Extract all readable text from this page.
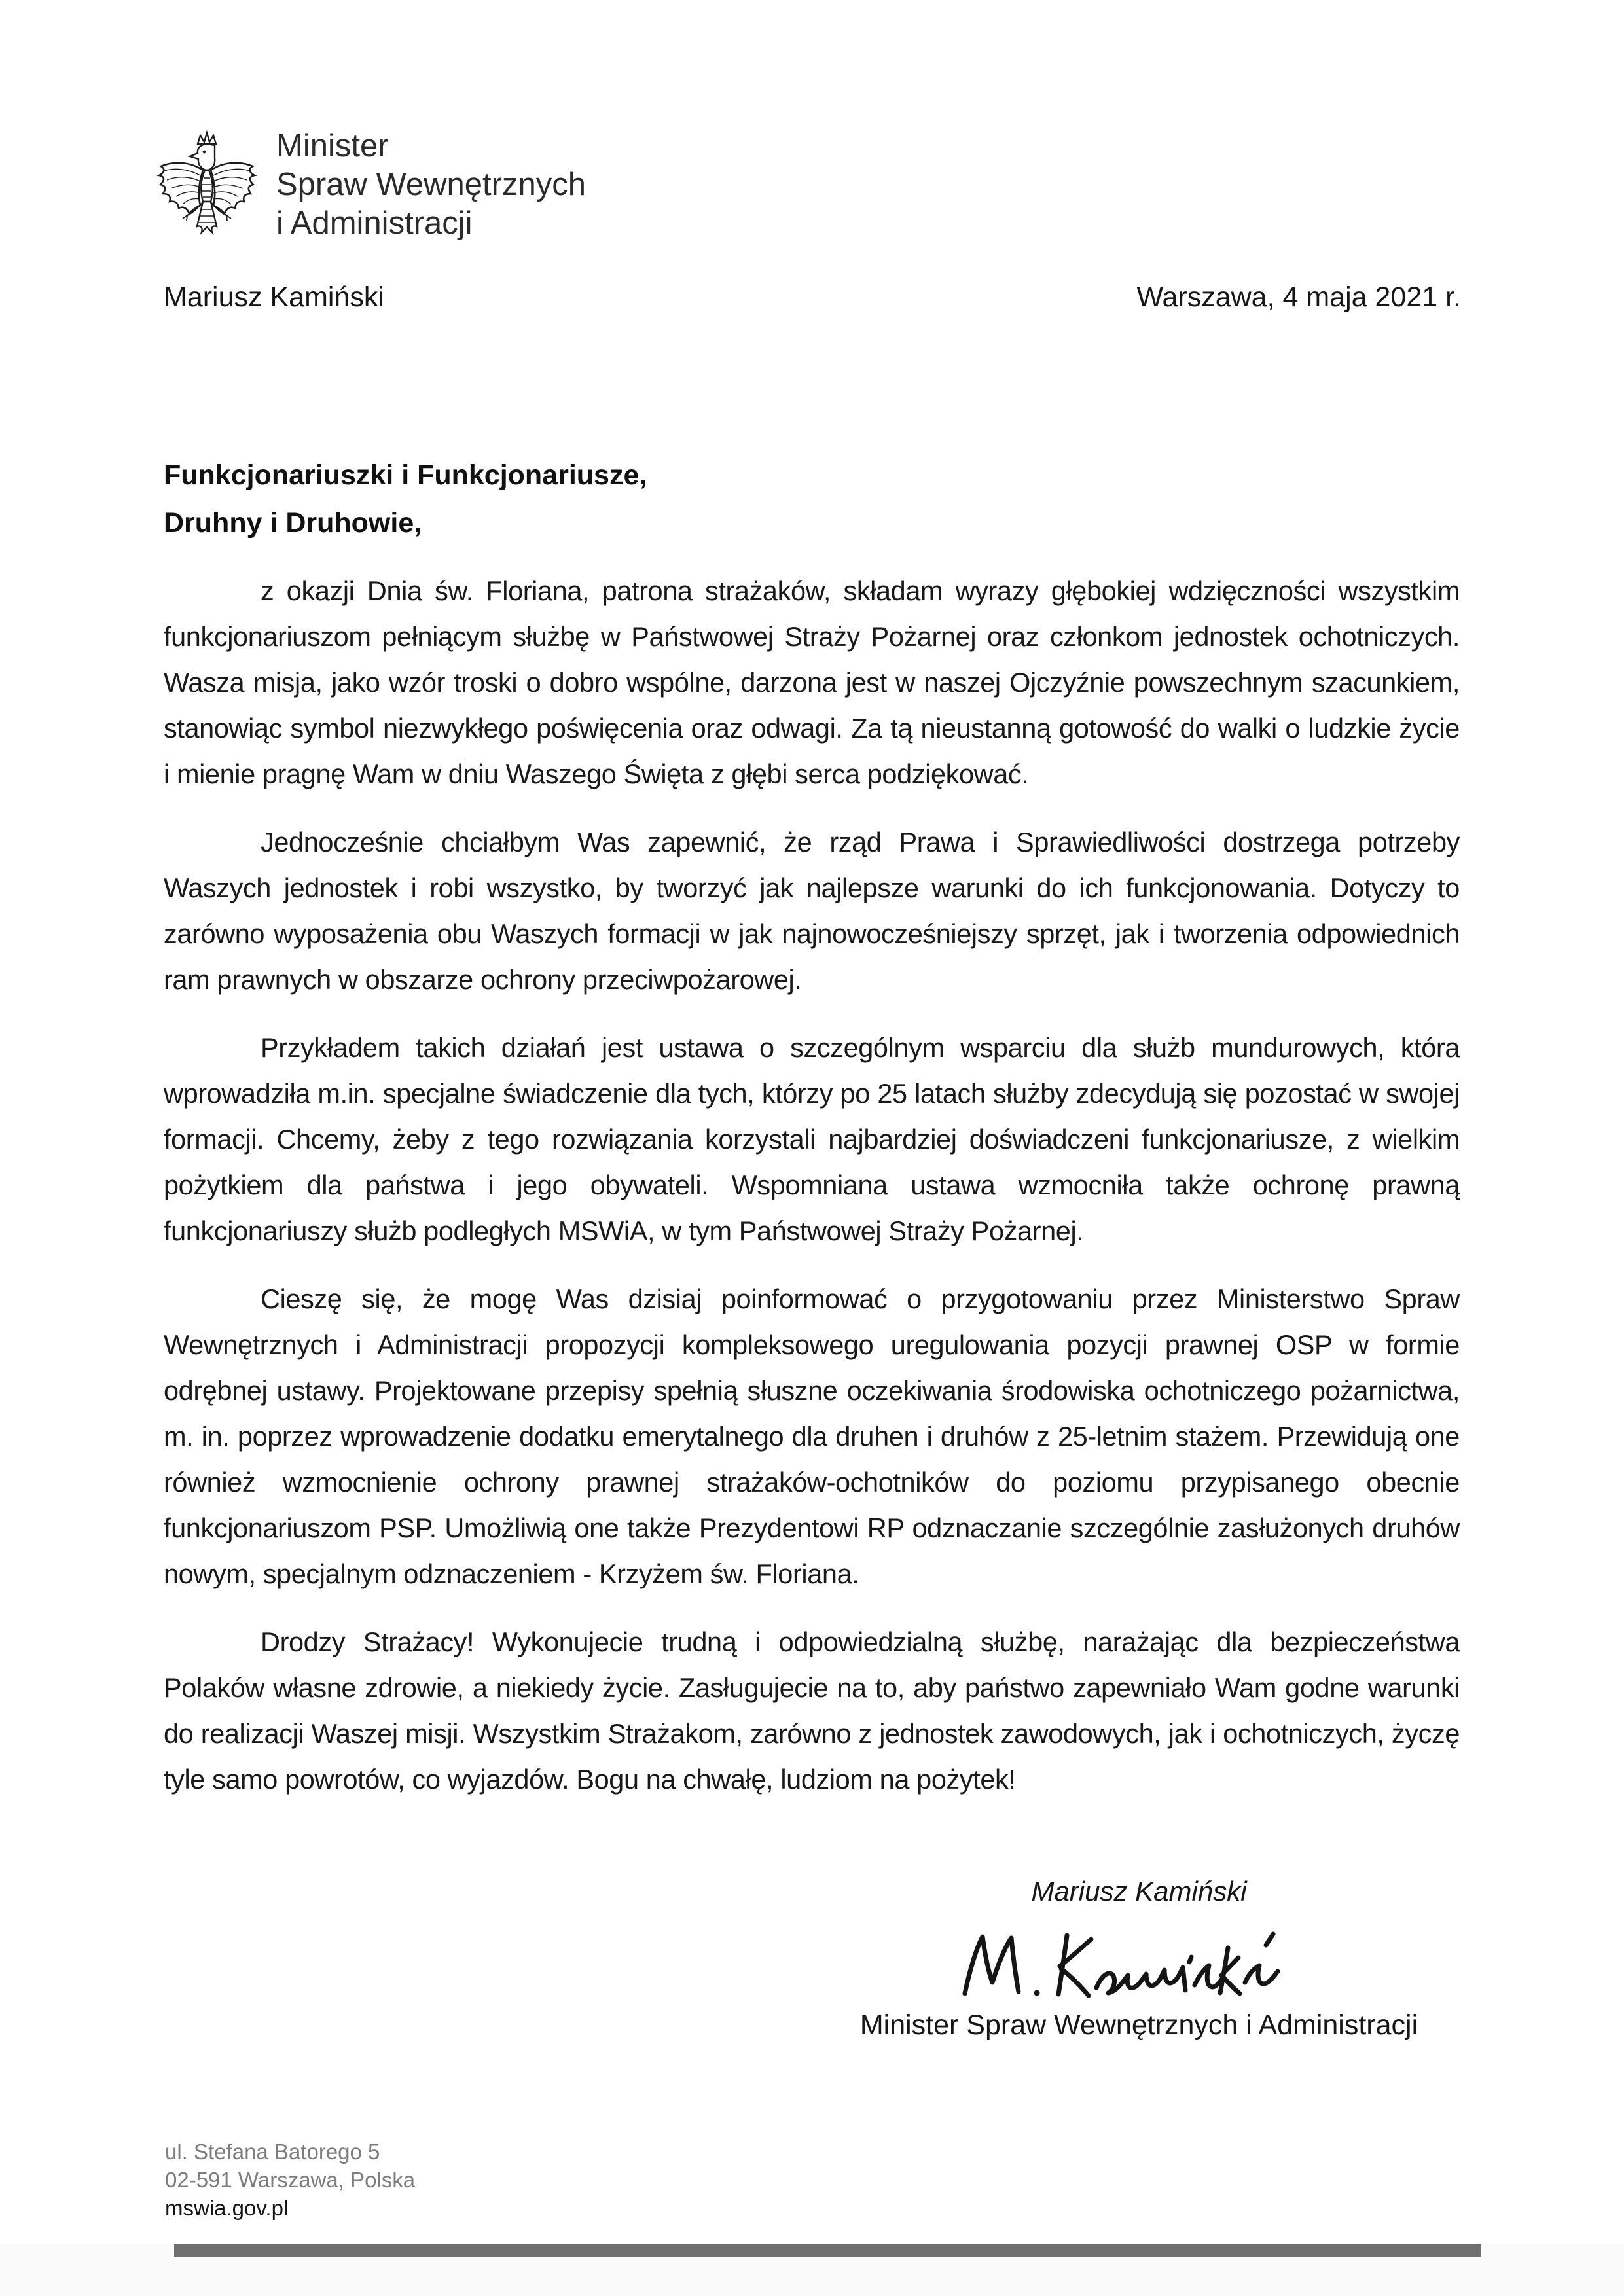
Minister
Spraw Wewnętrznych
i Administracji
Mariusz Kamiński	Warszawa, 4 maja 2021 r.
Funkcjonariuszki i Funkcjonariusze,
Druhny i Druhowie,

z okazji Dnia św. Floriana, patrona strażaków, składam wyrazy głębokiej wdzięczności wszystkim funkcjonariuszom pełniącym służbę w Państwowej Straży Pożarnej oraz członkom jednostek ochotniczych. Wasza misja, jako wzór troski o dobro wspólne, darzona jest w naszej Ojczyźnie powszechnym szacunkiem, stanowiąc symbol niezwykłego poświęcenia oraz odwagi. Za tą nieustanną gotowość do walki o ludzkie życie i mienie pragnę Wam w dniu Waszego Święta z głębi serca podziękować.

Jednocześnie chciałbym Was zapewnić, że rząd Prawa i Sprawiedliwości dostrzega potrzeby Waszych jednostek i robi wszystko, by tworzyć jak najlepsze warunki do ich funkcjonowania. Dotyczy to zarówno wyposażenia obu Waszych formacji w jak najnowocześniejszy sprzęt, jak i tworzenia odpowiednich ram prawnych w obszarze ochrony przeciwpożarowej.

Przykładem takich działań jest ustawa o szczególnym wsparciu dla służb mundurowych, która wprowadziła m.in. specjalne świadczenie dla tych, którzy po 25 latach służby zdecydują się pozostać w swojej formacji. Chcemy, żeby z tego rozwiązania korzystali najbardziej doświadczeni funkcjonariusze, z wielkim pożytkiem dla państwa i jego obywateli. Wspomniana ustawa wzmocniła także ochronę prawną funkcjonariuszy służb podległych MSWiA, w tym Państwowej Straży Pożarnej.

Cieszę się, że mogę Was dzisiaj poinformować o przygotowaniu przez Ministerstwo Spraw Wewnętrznych i Administracji propozycji kompleksowego uregulowania pozycji prawnej OSP w formie odrębnej ustawy. Projektowane przepisy spełnią słuszne oczekiwania środowiska ochotniczego pożarnictwa, m. in. poprzez wprowadzenie dodatku emerytalnego dla druhen i druhów z 25-letnim stażem. Przewidują one również wzmocnienie ochrony prawnej strażaków-ochotników do poziomu przypisanego obecnie funkcjonariuszom PSP. Umożliwią one także Prezydentowi RP odznaczanie szczególnie zasłużonych druhów nowym, specjalnym odznaczeniem - Krzyżem św. Floriana.

Drodzy Strażacy! Wykonujecie trudną i odpowiedzialną służbę, narażając dla bezpieczeństwa Polaków własne zdrowie, a niekiedy życie. Zasługujecie na to, aby państwo zapewniało Wam godne warunki do realizacji Waszej misji. Wszystkim Strażakom, zarówno z jednostek zawodowych, jak i ochotniczych, życzę tyle samo powrotów, co wyjazdów. Bogu na chwałę, ludziom na pożytek!

Mariusz Kamiński
Minister Spraw Wewnętrznych i Administracji
ul. Stefana Batorego 5
02-591 Warszawa, Polska
mswia.gov.pl
